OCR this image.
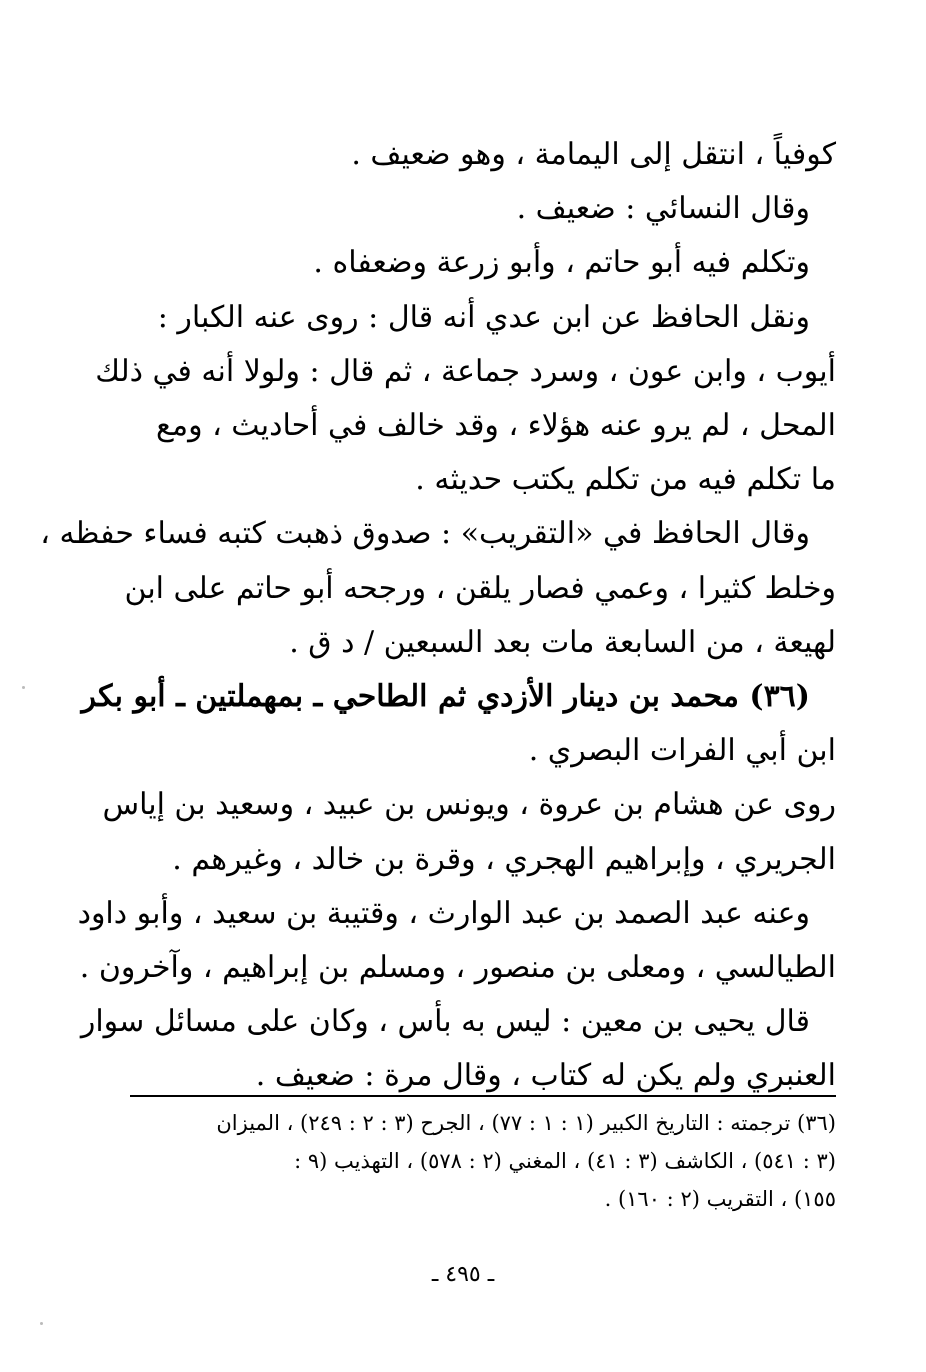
كوفياً ، انتقل إلى اليمامة ، وهو ضعيف .
وقال النسائي : ضعيف .
وتكلم فيه أبو حاتم ، وأبو زرعة وضعفاه .
ونقل الحافظ عن ابن عدي أنه قال : روى عنه الكبار :
أيوب ، وابن عون ، وسرد جماعة ، ثم قال : ولولا أنه في ذلك
المحل ، لم يرو عنه هؤلاء ، وقد خالف في أحاديث ، ومع
ما تكلم فيه من تكلم يكتب حديثه .
وقال الحافظ في «التقريب» : صدوق ذهبت كتبه فساء حفظه ،
وخلط كثيرا ، وعمي فصار يلقن ، ورجحه أبو حاتم على ابن
لهيعة ، من السابعة مات بعد السبعين / د ق .
(٣٦) محمد بن دينار الأزدي ثم الطاحي ـ بمهملتين ـ أبو بكر
ابن أبي الفرات البصري .
روى عن هشام بن عروة ، ويونس بن عبيد ، وسعيد بن إياس
الجريري ، وإبراهيم الهجري ، وقرة بن خالد ، وغيرهم .
وعنه عبد الصمد بن عبد الوارث ، وقتيبة بن سعيد ، وأبو داود
الطيالسي ، ومعلى بن منصور ، ومسلم بن إبراهيم ، وآخرون .
قال يحيى بن معين : ليس به بأس ، وكان على مسائل سوار
العنبري ولم يكن له كتاب ، وقال مرة : ضعيف .
(٣٦) ترجمته : التاريخ الكبير (١ : ١ : ٧٧) ، الجرح (٣ : ٢ : ٢٤٩) ، الميزان
(٣ : ٥٤١) ، الكاشف (٣ : ٤١) ، المغني (٢ : ٥٧٨) ، التهذيب (٩ :
١٥٥) ، التقريب (٢ : ١٦٠) .
ـ ٤٩٥ ـ
